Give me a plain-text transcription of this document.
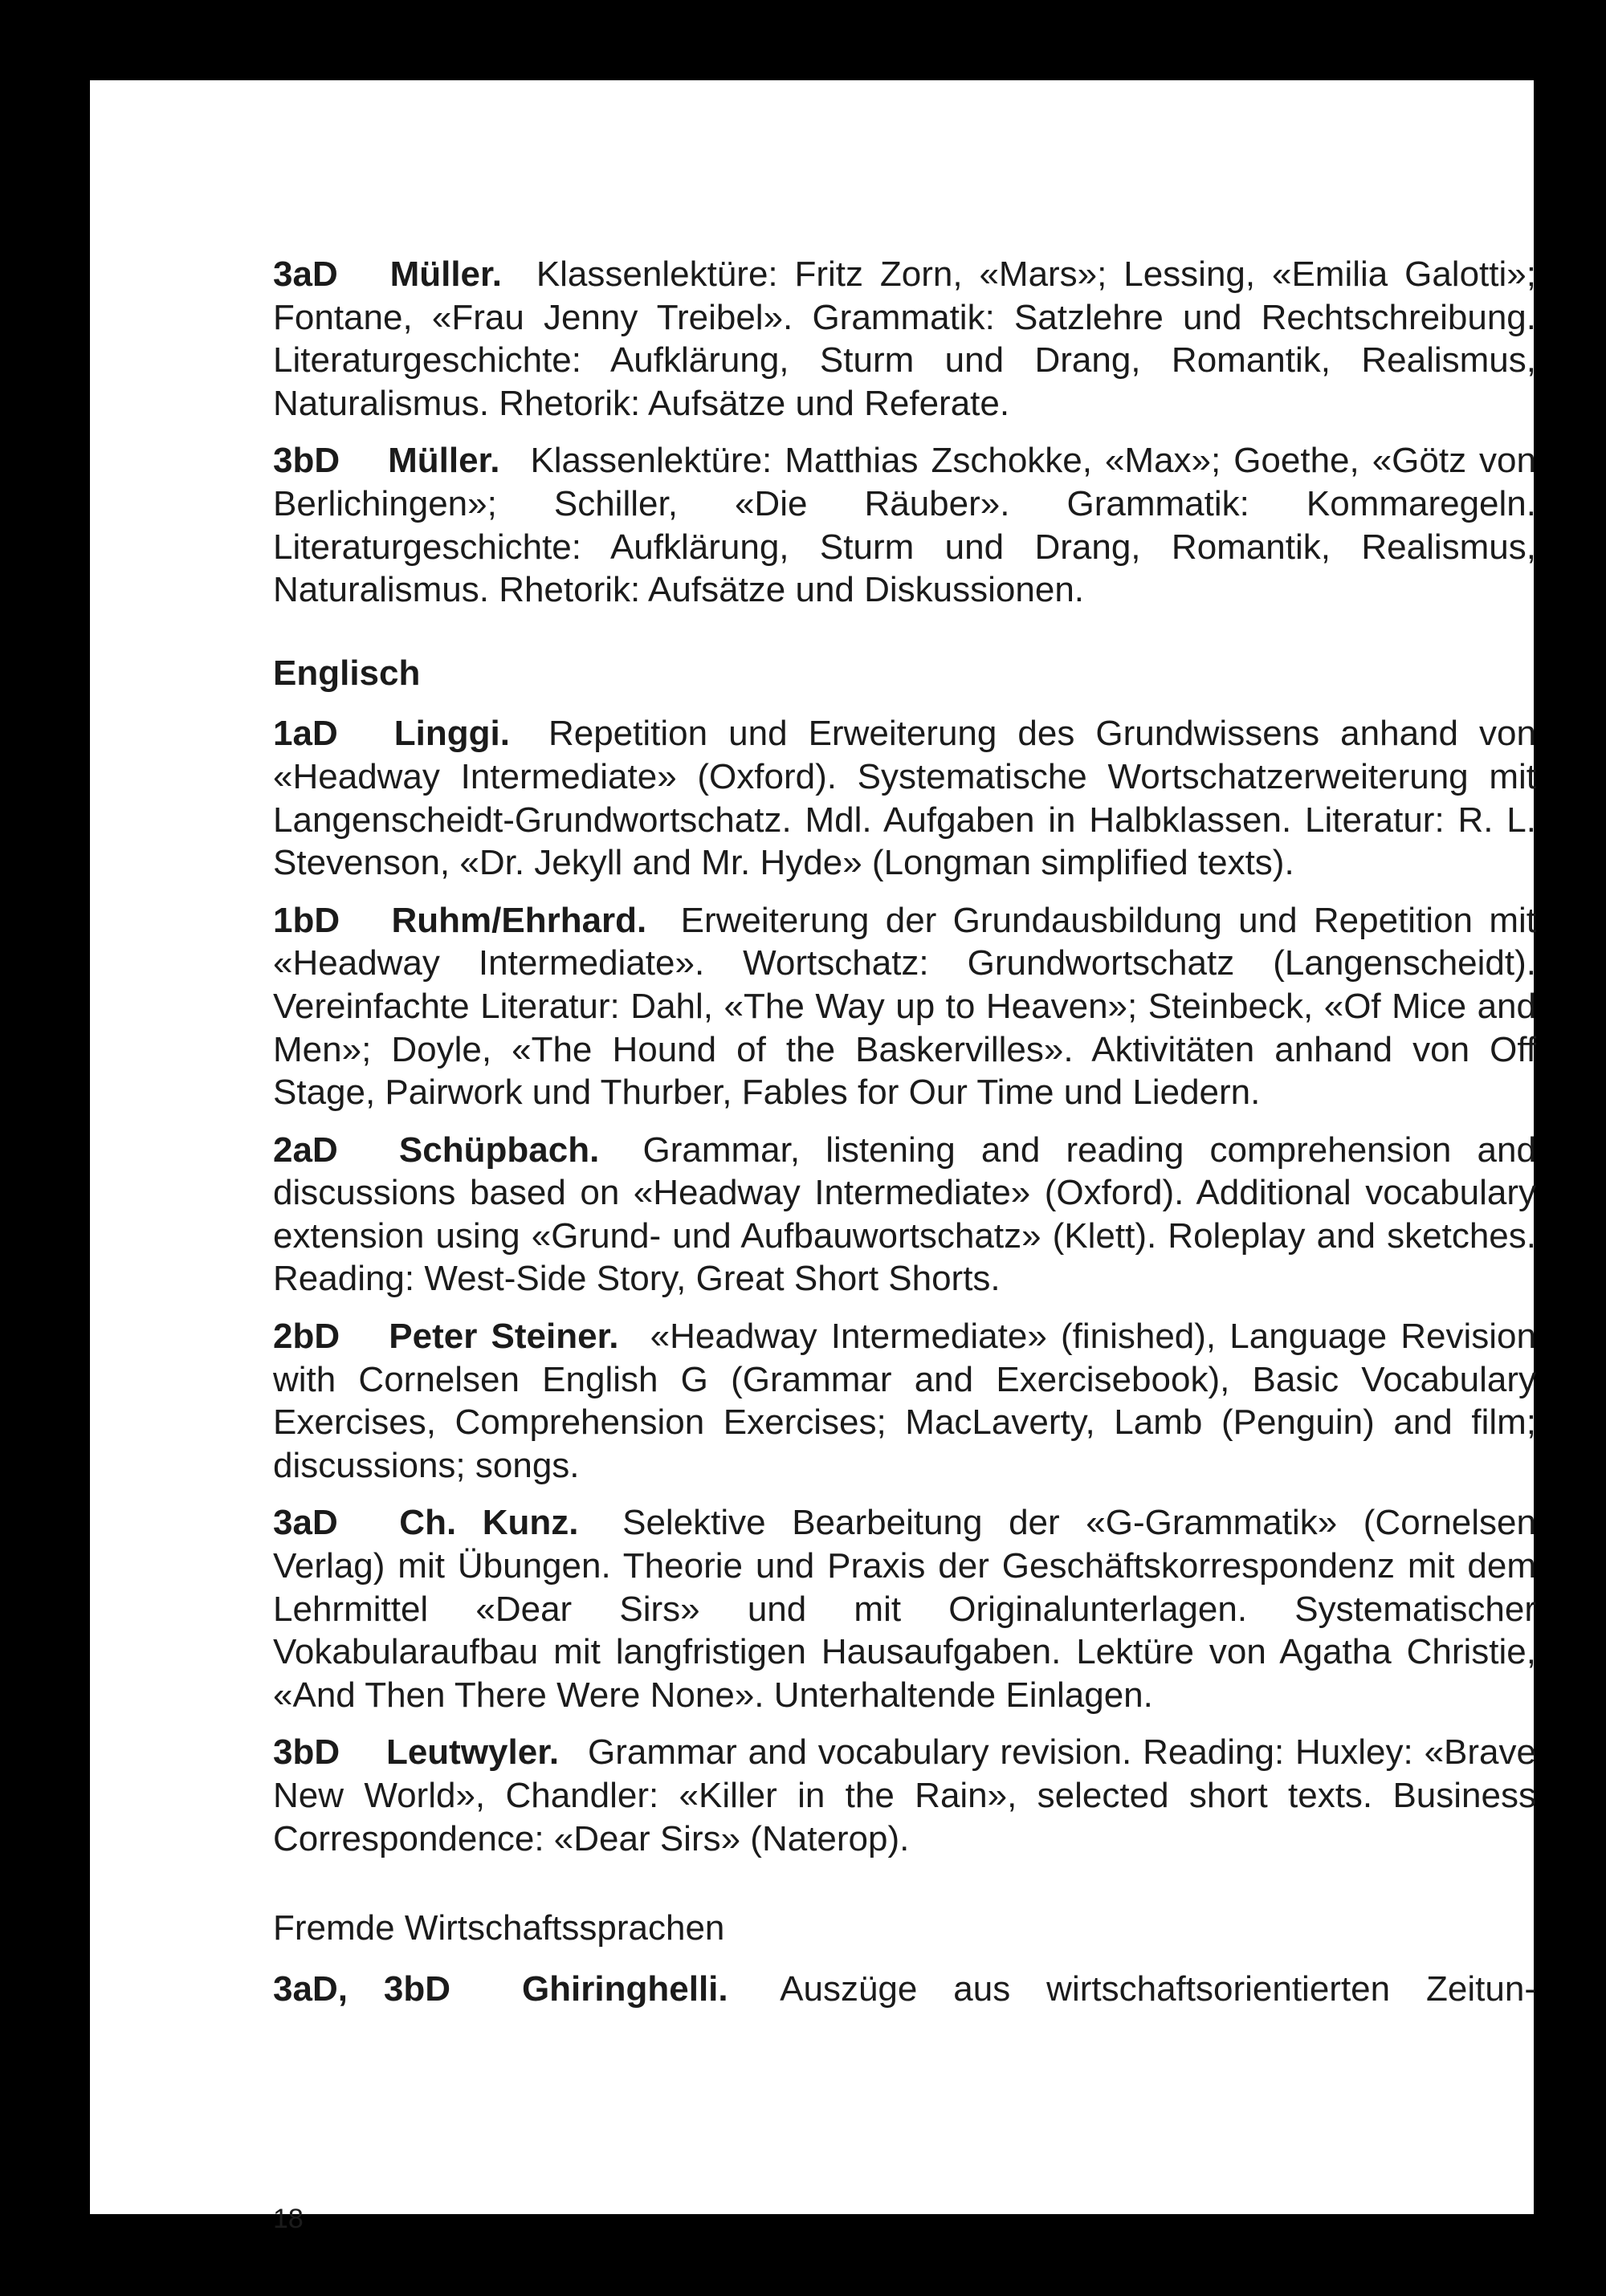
3aD Müller. Klassenlektüre: Fritz Zorn, «Mars»; Lessing, «Emilia Galotti»; Fontane, «Frau Jenny Treibel». Grammatik: Satzlehre und Rechtschreibung. Literaturgeschichte: Aufklärung, Sturm und Drang, Romantik, Realismus, Naturalismus. Rhetorik: Aufsätze und Referate.

3bD Müller. Klassenlektüre: Matthias Zschokke, «Max»; Goethe, «Götz von Berlichingen»; Schiller, «Die Räuber». Grammatik: Kommaregeln. Literaturgeschichte: Aufklärung, Sturm und Drang, Romantik, Realismus, Naturalismus. Rhetorik: Aufsätze und Diskussionen.

Englisch

1aD Linggi. Repetition und Erweiterung des Grundwissens anhand von «Headway Intermediate» (Oxford). Systematische Wortschatzerweiterung mit Langenscheidt-Grundwortschatz. Mdl. Aufgaben in Halbklassen. Literatur: R. L. Stevenson, «Dr. Jekyll and Mr. Hyde» (Longman simplified texts).

1bD Ruhm/Ehrhard. Erweiterung der Grundausbildung und Repetition mit «Headway Intermediate». Wortschatz: Grundwortschatz (Langenscheidt). Vereinfachte Literatur: Dahl, «The Way up to Heaven»; Steinbeck, «Of Mice and Men»; Doyle, «The Hound of the Baskervilles». Aktivitäten anhand von Off Stage, Pairwork und Thurber, Fables for Our Time und Liedern.

2aD Schüpbach. Grammar, listening and reading comprehension and discussions based on «Headway Intermediate» (Oxford). Additional vocabulary extension using «Grund- und Aufbauwortschatz» (Klett). Roleplay and sketches. Reading: West-Side Story, Great Short Shorts.

2bD Peter Steiner. «Headway Intermediate» (finished), Language Revision with Cornelsen English G (Grammar and Exercisebook), Basic Vocabulary Exercises, Comprehension Exercises; MacLaverty, Lamb (Penguin) and film; discussions; songs.

3aD Ch. Kunz. Selektive Bearbeitung der «G-Grammatik» (Cornelsen Verlag) mit Übungen. Theorie und Praxis der Geschäftskorrespondenz mit dem Lehrmittel «Dear Sirs» und mit Originalunterlagen. Systematischer Vokabularaufbau mit langfristigen Hausaufgaben. Lektüre von Agatha Christie, «And Then There Were None». Unterhaltende Einlagen.

3bD Leutwyler. Grammar and vocabulary revision. Reading: Huxley: «Brave New World», Chandler: «Killer in the Rain», selected short texts. Business Correspondence: «Dear Sirs» (Naterop).

Fremde Wirtschaftssprachen

3aD, 3bD Ghiringhelli. Auszüge aus wirtschaftsorientierten Zeitun-

18
